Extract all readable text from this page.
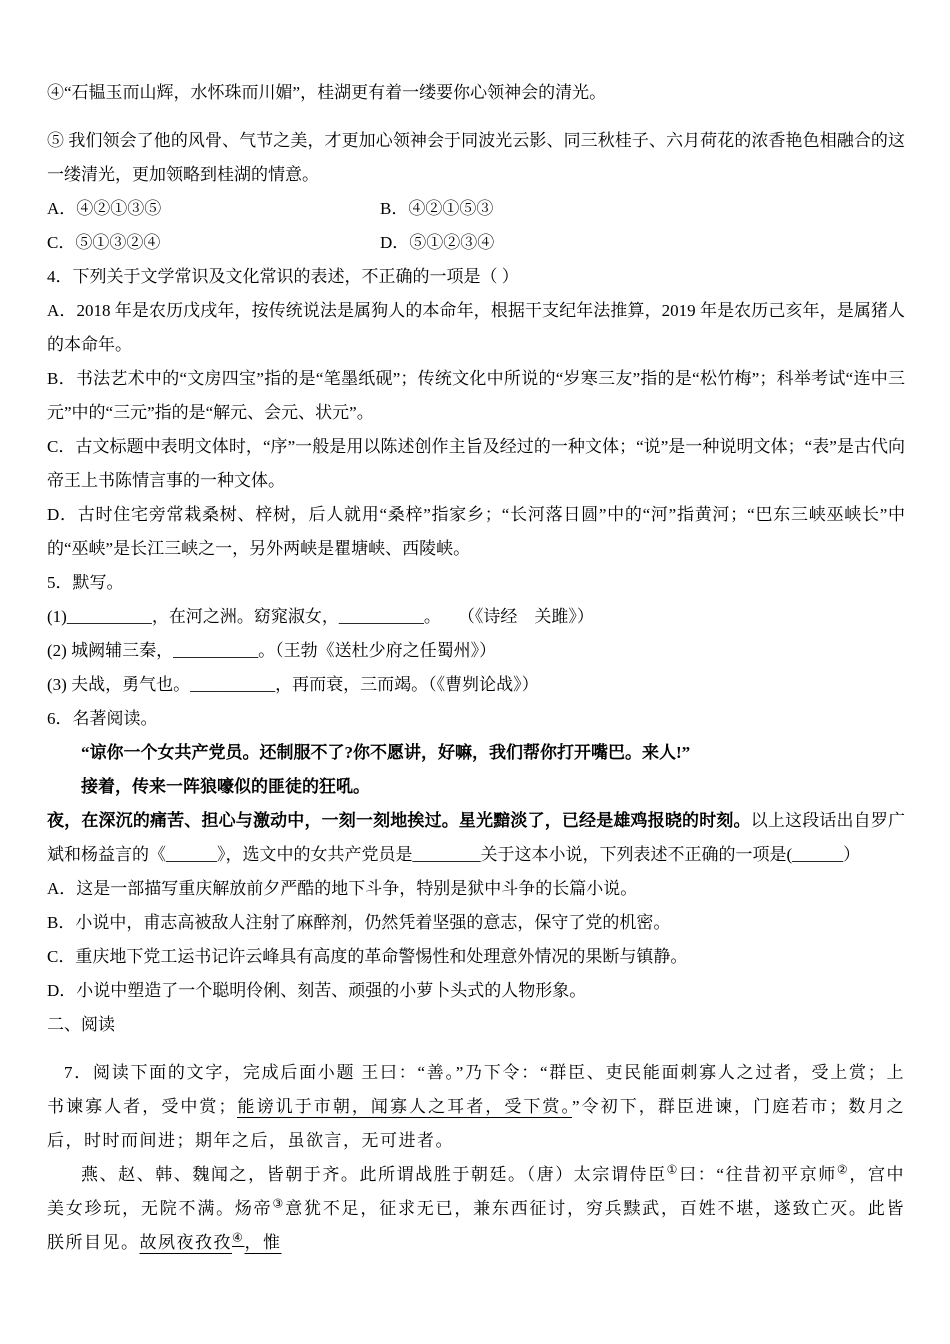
④“石韫玉而山辉，水怀珠而川媚”，桂湖更有着一缕要你心领神会的清光。
⑤ 我们领会了他的风骨、气节之美，才更加心领神会于同波光云影、同三秋桂子、六月荷花的浓香艳色相融合的这一缕清光，更加领略到桂湖的情意。
A．④②①③⑤	B．④②①⑤③
C．⑤①③②④	D．⑤①②③④
4．下列关于文学常识及文化常识的表述，不正确的一项是（ ）
A．2018 年是农历戊戌年，按传统说法是属狗人的本命年，根据干支纪年法推算，2019 年是农历己亥年，是属猪人的本命年。
B．书法艺术中的“文房四宝”指的是“笔墨纸砚”；传统文化中所说的“岁寒三友”指的是“松竹梅”；科举考试“连中三元”中的“三元”指的是“解元、会元、状元”。
C．古文标题中表明文体时，“序”一般是用以陈述创作主旨及经过的一种文体；“说”是一种说明文体；“表”是古代向帝王上书陈情言事的一种文体。
D．古时住宅旁常栽桑树、梓树，后人就用“桑梓”指家乡；“长河落日圆”中的“河”指黄河；“巴东三峡巫峡长”中的“巫峡”是长江三峡之一，另外两峡是瞿塘峡、西陵峡。
5．默写。
(1)__________，在河之洲。窈窕淑女，__________。　　（《诗经　关雎》）
(2) 城阙辅三秦，__________。（王勃《送杜少府之任蜀州》）
(3) 夫战，勇气也。__________，再而衰，三而竭。（《曹刿论战》）
6．名著阅读。
“谅你一个女共产党员。还制服不了?你不愿讲，好嘛，我们帮你打开嘴巴。来人!”
接着，传来一阵狼嚎似的匪徒的狂吼。
夜，在深沉的痛苦、担心与激动中，一刻一刻地挨过。星光黯淡了，已经是雄鸡报晓的时刻。以上这段话出自罗广斌和杨益言的《______》，选文中的女共产党员是________关于这本小说，下列表述不正确的一项是(______）
A．这是一部描写重庆解放前夕严酷的地下斗争，特别是狱中斗争的长篇小说。
B．小说中，甫志高被敌人注射了麻醉剂，仍然凭着坚强的意志，保守了党的机密。
C．重庆地下党工运书记许云峰具有高度的革命警惕性和处理意外情况的果断与镇静。
D．小说中塑造了一个聪明伶俐、刻苦、顽强的小萝卜头式的人物形象。
二、阅读
7．阅读下面的文字，完成后面小题 王曰：“善。”乃下令：“群臣、吏民能面刺寡人之过者，受上赏；上书谏寡人者，受中赏；能谤讥于市朝，闻寡人之耳者，受下赏。”令初下，群臣进谏，门庭若市；数月之后，时时而间进；期年之后，虽欲言，无可进者。
燕、赵、韩、魏闻之，皆朝于齐。此所谓战胜于朝廷。（唐）太宗谓侍臣①曰：“往昔初平京师②，宫中美女珍玩，无院不满。炀帝③意犹不足，征求无已，兼东西征讨，穷兵黩武，百姓不堪，遂致亡灭。此皆朕所目见。故夙夜孜孜④，惟
